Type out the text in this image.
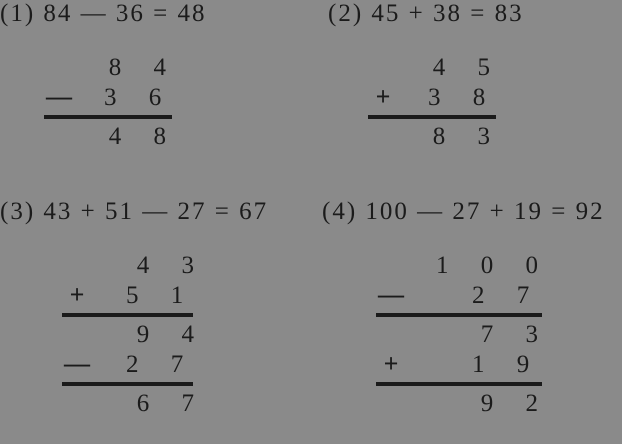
(1) 84 — 36 = 48
8 4
—	3 6
4 8
(2) 45 + 38 = 83
4 5
+	3 8
8 3
(3) 43 + 51 — 27 = 67
4 3
+	5 1
9 4
—	2 7
6 7
(4) 100 — 27 + 19 = 92
1 0 0
—	2 7
7 3
+	1 9
9 2
